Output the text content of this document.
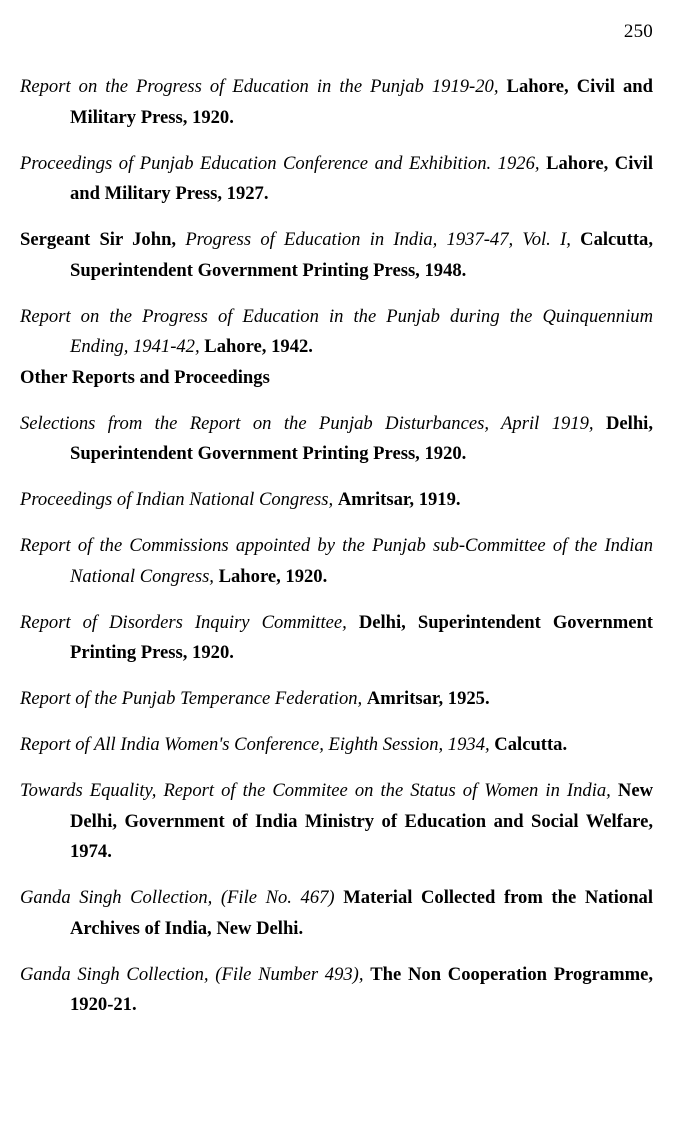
250

Report on the Progress of Education in the Punjab 1919-20, Lahore, Civil and Military Press, 1920.

Proceedings of Punjab Education Conference and Exhibition. 1926, Lahore, Civil and Military Press, 1927.

Sergeant Sir John, Progress of Education in India, 1937-47, Vol. I, Calcutta, Superintendent Government Printing Press, 1948.

Report on the Progress of Education in the Punjab during the Quinquennium Ending, 1941-42, Lahore, 1942.

Other Reports and Proceedings

Selections from the Report on the Punjab Disturbances, April 1919, Delhi, Superintendent Government Printing Press, 1920.

Proceedings of Indian National Congress, Amritsar, 1919.

Report of the Commissions appointed by the Punjab sub-Committee of the Indian National Congress, Lahore, 1920.

Report of Disorders Inquiry Committee, Delhi, Superintendent Government Printing Press, 1920.

Report of the Punjab Temperance Federation, Amritsar, 1925.

Report of All India Women's Conference, Eighth Session, 1934, Calcutta.

Towards Equality, Report of the Commitee on the Status of Women in India, New Delhi, Government of India Ministry of Education and Social Welfare, 1974.

Ganda Singh Collection, (File No. 467) Material Collected from the National Archives of India, New Delhi.

Ganda Singh Collection, (File Number 493), The Non Cooperation Programme, 1920-21.
